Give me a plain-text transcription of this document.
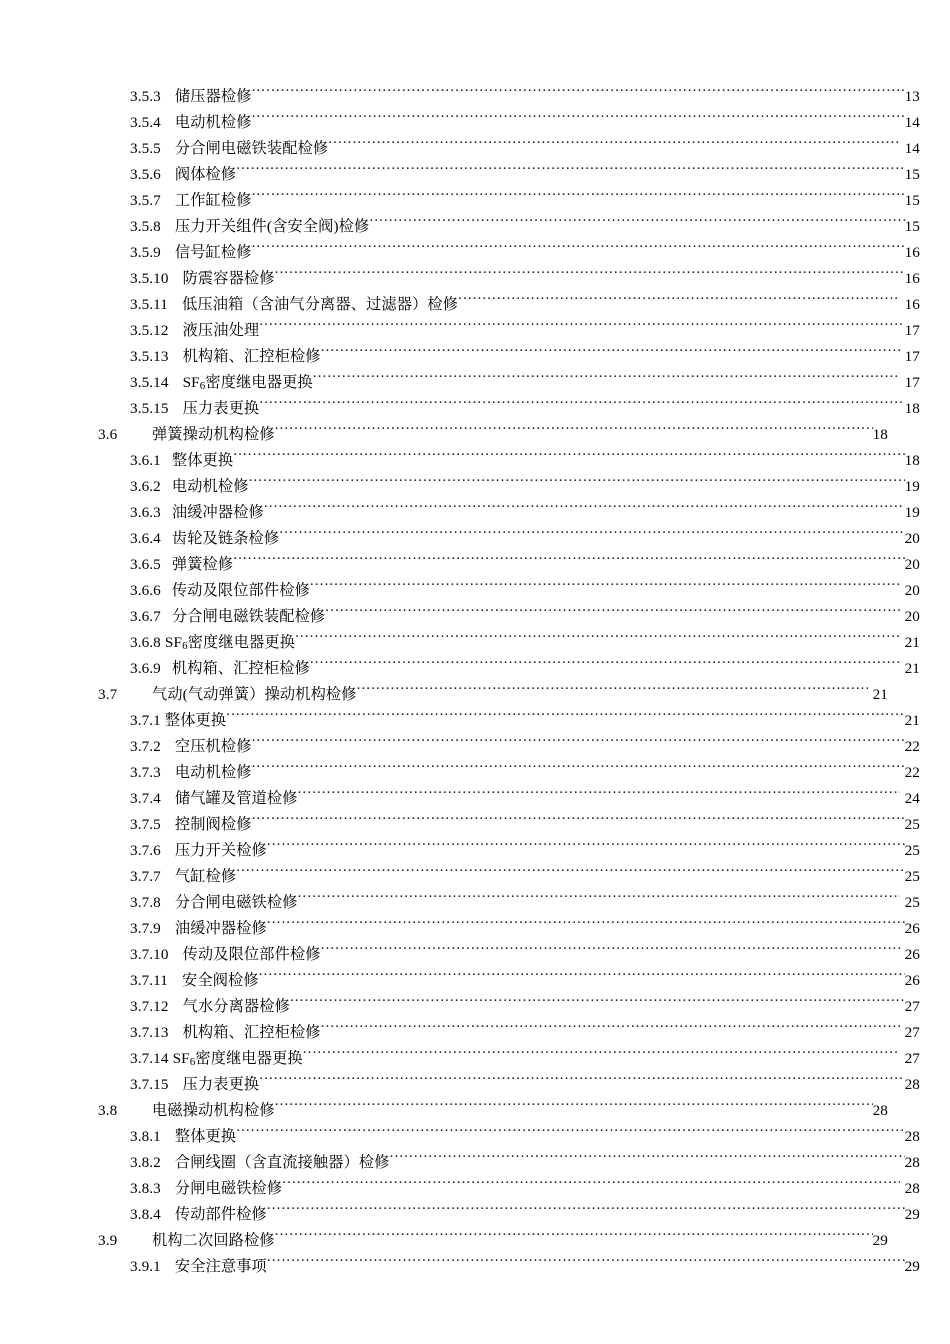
3.5.3 储压器检修 .....	13
3.5.4 电动机检修 .....	14
3.5.5 分合闸电磁铁装配检修 .....	14
3.5.6 阀体检修 .....	15
3.5.7 工作缸检修 .....	15
3.5.8 压力开关组件(含安全阀)检修 .....	15
3.5.9 信号缸检修 .....	16
3.5.10 防震容器检修 .....	16
3.5.11 低压油箱（含油气分离器、过滤器）检修 .....	16
3.5.12 液压油处理 .....	17
3.5.13 机构箱、汇控柜检修 .....	17
3.5.14 $SF_6$密度继电器更换 .....	17
3.5.15 压力表更换 .....	18
3.6	弹簧操动机构检修 .....	18
3.6.1 整体更换 .....	18
3.6.2 电动机检修 .....	19
3.6.3 油缓冲器检修 .....	19
3.6.4 齿轮及链条检修 .....	20
3.6.5 弹簧检修 .....	20
3.6.6 传动及限位部件检修 .....	20
3.6.7 分合闸电磁铁装配检修 .....	20
3.6.8 $SF_6$密度继电器更换 .....	21
3.6.9 机构箱、汇控柜检修 .....	21
3.7	气动(气动弹簧）操动机构检修 .....	21
3.7.1 整体更换 .....	21
3.7.2 空压机检修 .....	22
3.7.3 电动机检修 .....	22
3.7.4 储气罐及管道检修 .....	24
3.7.5 控制阀检修 .....	25
3.7.6 压力开关检修 .....	25
3.7.7 气缸检修 .....	25
3.7.8 分合闸电磁铁检修 .....	25
3.7.9 油缓冲器检修 .....	26
3.7.10 传动及限位部件检修 .....	26
3.7.11 安全阀检修 .....	26
3.7.12 气水分离器检修 .....	27
3.7.13 机构箱、汇控柜检修 .....	27
3.7.14 $SF_6$密度继电器更换 .....	27
3.7.15 压力表更换 .....	28
3.8	电磁操动机构检修 .....	28
3.8.1 整体更换 .....	28
3.8.2 合闸线圈（含直流接触器）检修 .....	28
3.8.3 分闸电磁铁检修 .....	28
3.8.4 传动部件检修 .....	29
3.9	机构二次回路检修 .....	29
3.9.1 安全注意事项 .....	29
